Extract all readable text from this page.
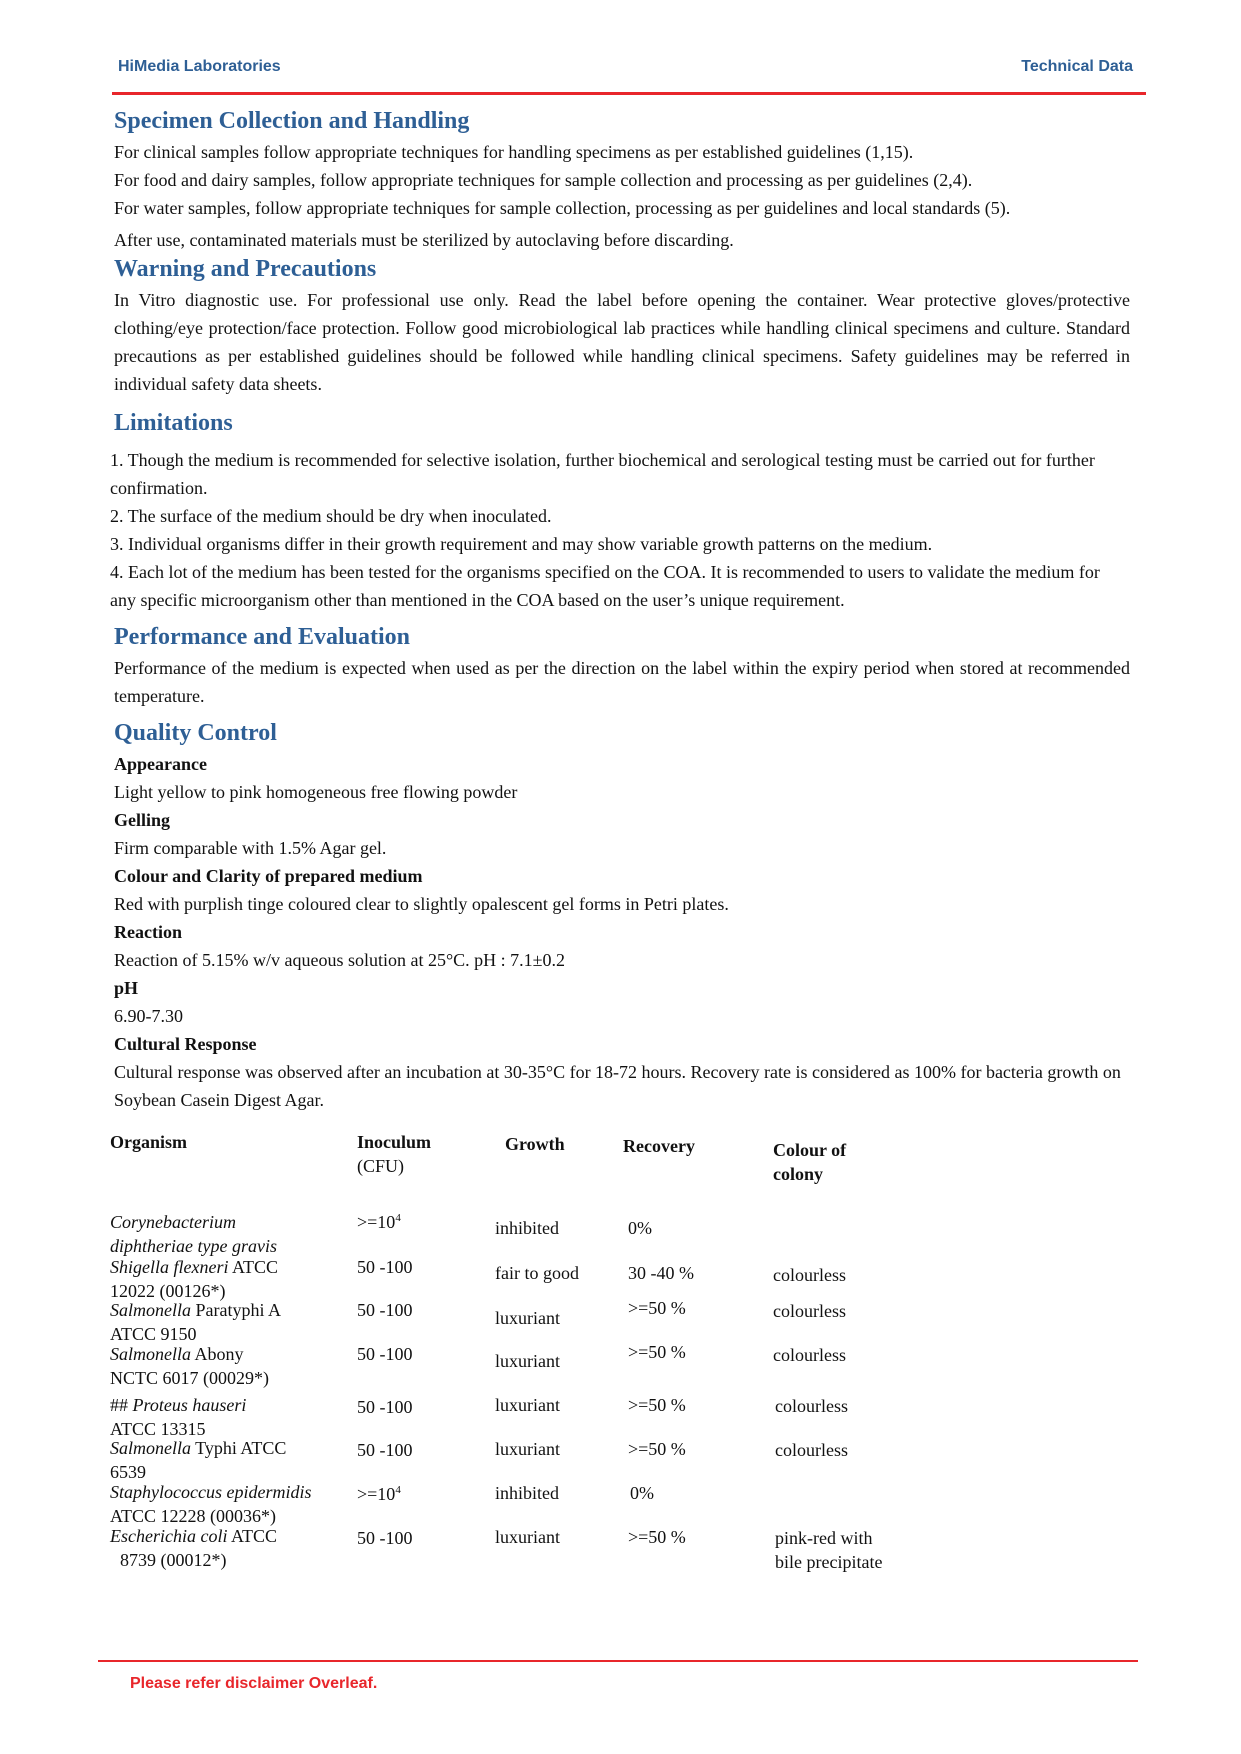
HiMedia Laboratories	Technical Data
Specimen Collection and Handling

For clinical samples follow appropriate techniques for handling specimens as per established guidelines (1,15).

For food and dairy samples, follow appropriate techniques for sample collection and processing as per guidelines (2,4).

For water samples, follow appropriate techniques for sample collection, processing as per guidelines and local standards (5).

After use, contaminated materials must be sterilized by autoclaving before discarding.

Warning and Precautions

In Vitro diagnostic use. For professional use only. Read the label before opening the container. Wear protective gloves/protective clothing/eye protection/face protection. Follow good microbiological lab practices while handling clinical specimens and culture. Standard precautions as per established guidelines should be followed while handling clinical specimens. Safety guidelines may be referred in individual safety data sheets.

Limitations

1. Though the medium is recommended for selective isolation, further biochemical and serological testing must be carried out for further confirmation.

2. The surface of the medium should be dry when inoculated.

3. Individual organisms differ in their growth requirement and may show variable growth patterns on the medium.

4. Each lot of the medium has been tested for the organisms specified on the COA. It is recommended to users to validate the medium for any specific microorganism other than mentioned in the COA based on the user’s unique requirement.

Performance and Evaluation

Performance of the medium is expected when used as per the direction on the label within the expiry period when stored at recommended temperature.

Quality Control
Appearance

Light yellow to pink homogeneous free flowing powder

Gelling

Firm comparable with 1.5% Agar gel.

Colour and Clarity of prepared medium

Red with purplish tinge coloured clear to slightly opalescent gel forms in Petri plates.

Reaction

Reaction of 5.15% w/v aqueous solution at 25°C. pH : 7.1±0.2

pH

6.90-7.30

Cultural Response

Cultural response was observed after an incubation at 30-35°C for 18-72 hours. Recovery rate is considered as 100% for bacteria growth on Soybean Casein Digest Agar.

Organism	Inoculum
(CFU)
Growth	Recovery	Colour of
colony
Corynebacterium
diphtheriae type gravis
$>=10^4$	inhibited	0%
Shigella flexneri ATCC
12022 (00126*)
50 -100	fair to good	30 -40 %	colourless
Salmonella Paratyphi A
ATCC 9150
50 -100	luxuriant	>=50 %	colourless
Salmonella Abony
NCTC 6017 (00029*)
50 -100	luxuriant	>=50 %	colourless
## Proteus hauseri
ATCC 13315
50 -100	luxuriant	>=50 %	colourless
Salmonella Typhi ATCC
6539
50 -100	luxuriant	>=50 %	colourless
Staphylococcus epidermidis
ATCC 12228 (00036*)
$>=10^4$	inhibited	0%
Escherichia coli ATCC
8739 (00012*)
50 -100	luxuriant	>=50 %	pink-red with
bile precipitate
Please refer disclaimer Overleaf.
